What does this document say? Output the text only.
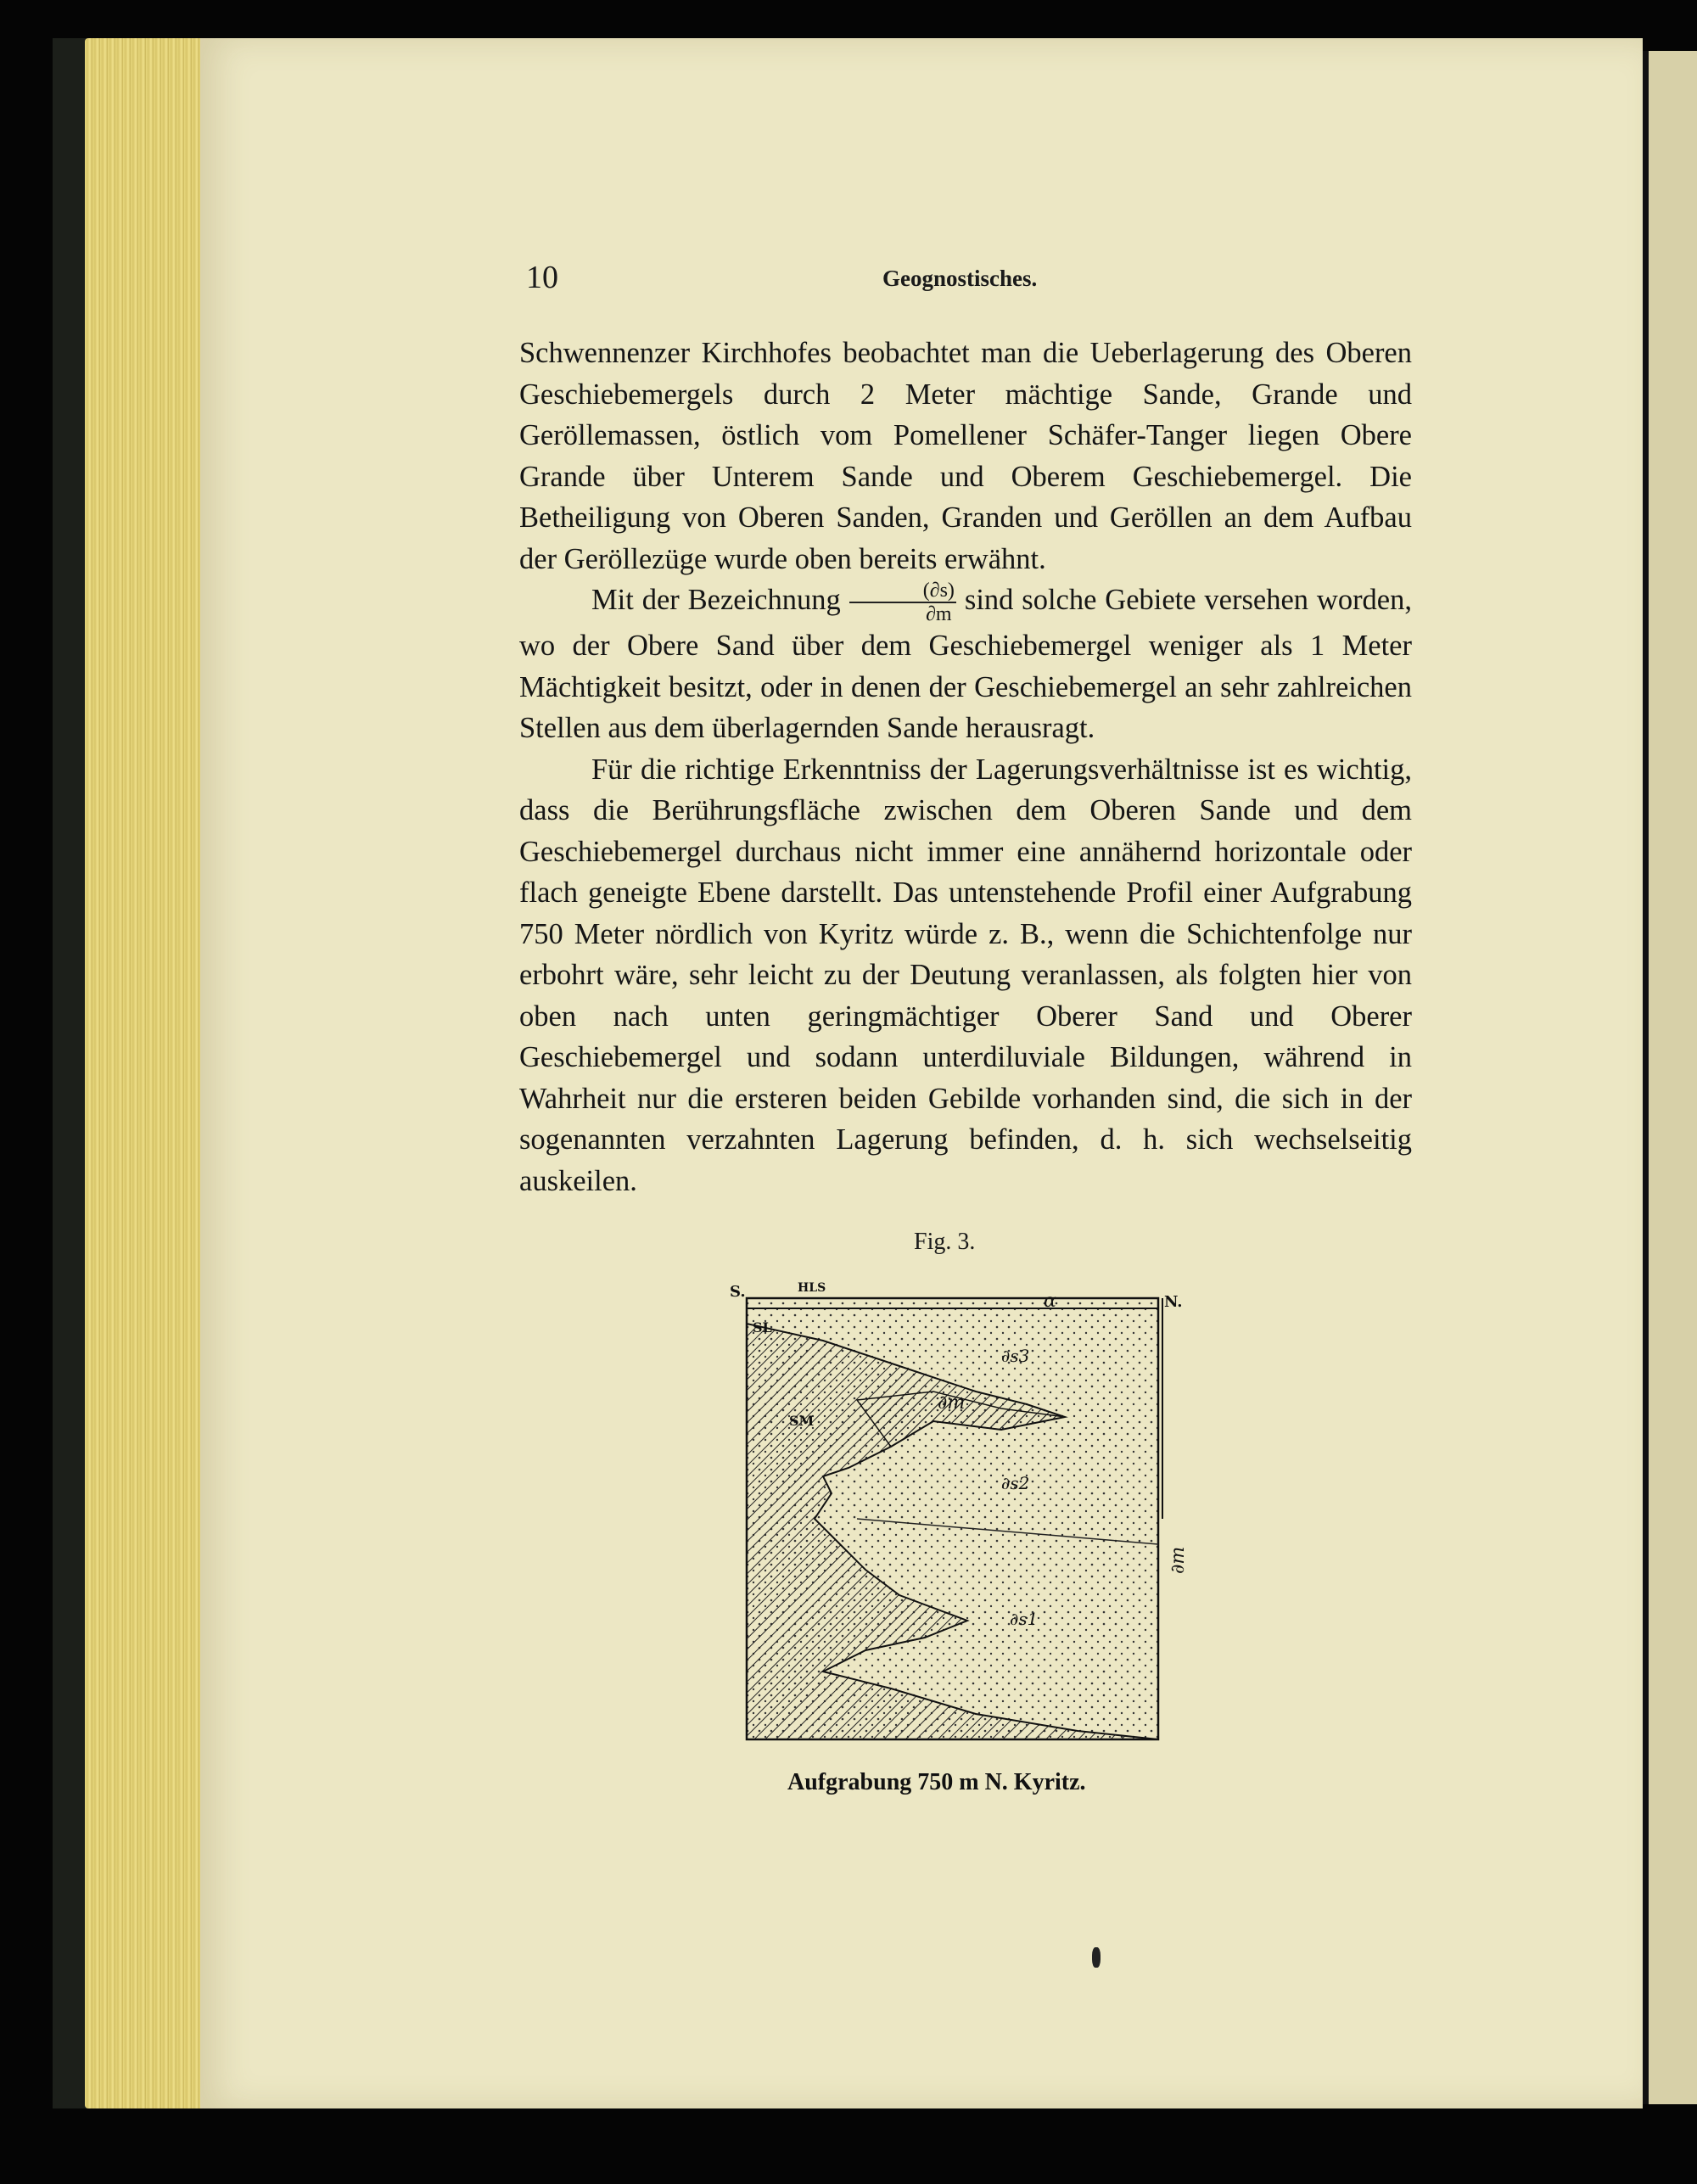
10	Geognostisches.

Schwennenzer Kirchhofes beobachtet man die Ueberlagerung des Oberen Geschiebemergels durch 2 Meter mächtige Sande, Grande und Geröllemassen, östlich vom Pomellener Schäfer-Tanger liegen Obere Grande über Unterem Sande und Oberem Geschiebemergel. Die Betheiligung von Oberen Sanden, Granden und Geröllen an dem Aufbau der Geröllezüge wurde oben bereits erwähnt.

Mit der Bezeichnung $\frac{(\partial s)}{\partial m}$ sind solche Gebiete versehen worden, wo der Obere Sand über dem Geschiebemergel weniger als 1 Meter Mächtigkeit besitzt, oder in denen der Geschiebemergel an sehr zahlreichen Stellen aus dem überlagernden Sande herausragt.

Für die richtige Erkenntniss der Lagerungsverhältnisse ist es wichtig, dass die Berührungsfläche zwischen dem Oberen Sande und dem Geschiebemergel durchaus nicht immer eine annähernd horizontale oder flach geneigte Ebene darstellt. Das untenstehende Profil einer Aufgrabung 750 Meter nördlich von Kyritz würde z. B., wenn die Schichtenfolge nur erbohrt wäre, sehr leicht zu der Deutung veranlassen, als folgten hier von oben nach unten geringmächtiger Oberer Sand und Oberer Geschiebemergel und sodann unterdiluviale Bildungen, während in Wahrheit nur die ersteren beiden Gebilde vorhanden sind, die sich in der sogenannten verzahnten Lagerung befinden, d. h. sich wechselseitig auskeilen.

Fig. 3.
S.	HLS
N.
α
SL
SM
∂s3
∂m
∂s2
∂s1
∂m
Aufgrabung 750 m N. Kyritz.
